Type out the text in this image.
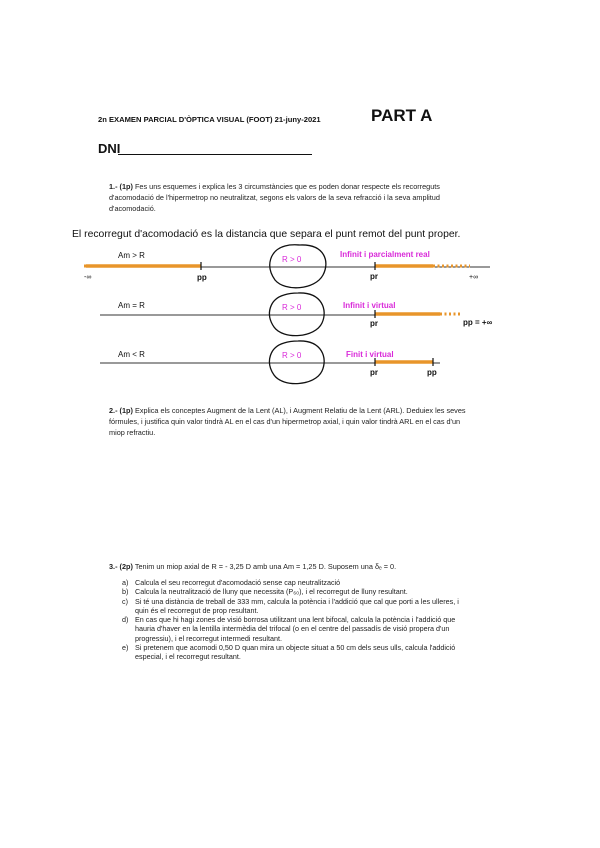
2n EXAMEN PARCIAL D'ÒPTICA VISUAL (FOOT) 21-juny-2021	PART A
DNI
1.- (1p) Fes uns esquemes i explica les 3 circumstàncies que es poden donar respecte els recorreguts d'acomodació de l'hipermetrop no neutralitzat, segons els valors de la seva refracció i la seva amplitud d'acomodació.
El recorregut d'acomodació es la distancia que separa el punt remot del punt proper.
Am > R	R > 0
Infinit i parcialment real
-∞	+∞
pp	pr
Am = R	R > 0	Infinit i virtual
pr	pp = +∞
Am < R	R > 0	Finit i virtual
pr	pp
2.- (1p) Explica els conceptes Augment de la Lent (AL), i Augment Relatiu de la Lent (ARL). Deduiex les seves fórmules, i justifica quin valor tindrà AL en el cas d'un hipermetrop axial, i quin valor tindrà ARL en el cas d'un miop refractiu.
3.- (2p) Tenim un miop axial de R = - 3,25 D amb una Am = 1,25 D. Suposem una δₑ = 0.
a) Calcula el seu recorregut d'acomodació sense cap neutralització
b) Calcula la neutralització de lluny que necessita (P₆₀), i el recorregut de lluny resultant.
c) Si té una distància de treball de 333 mm, calcula la potència i l'addició que cal que porti a les ulleres, i quin és el recorregut de prop resultant.
d) En cas que hi hagi zones de visió borrosa utilitzant una lent bifocal, calcula la potència i l'addició que hauria d'haver en la lentilla intermèdia del trifocal (o en el centre del passadís de visió propera d'un progressiu), i el recorregut intermedi resultant.
e) Si pretenem que acomodi 0,50 D quan mira un objecte situat a 50 cm dels seus ulls, calcula l'addició especial, i el recorregut resultant.
